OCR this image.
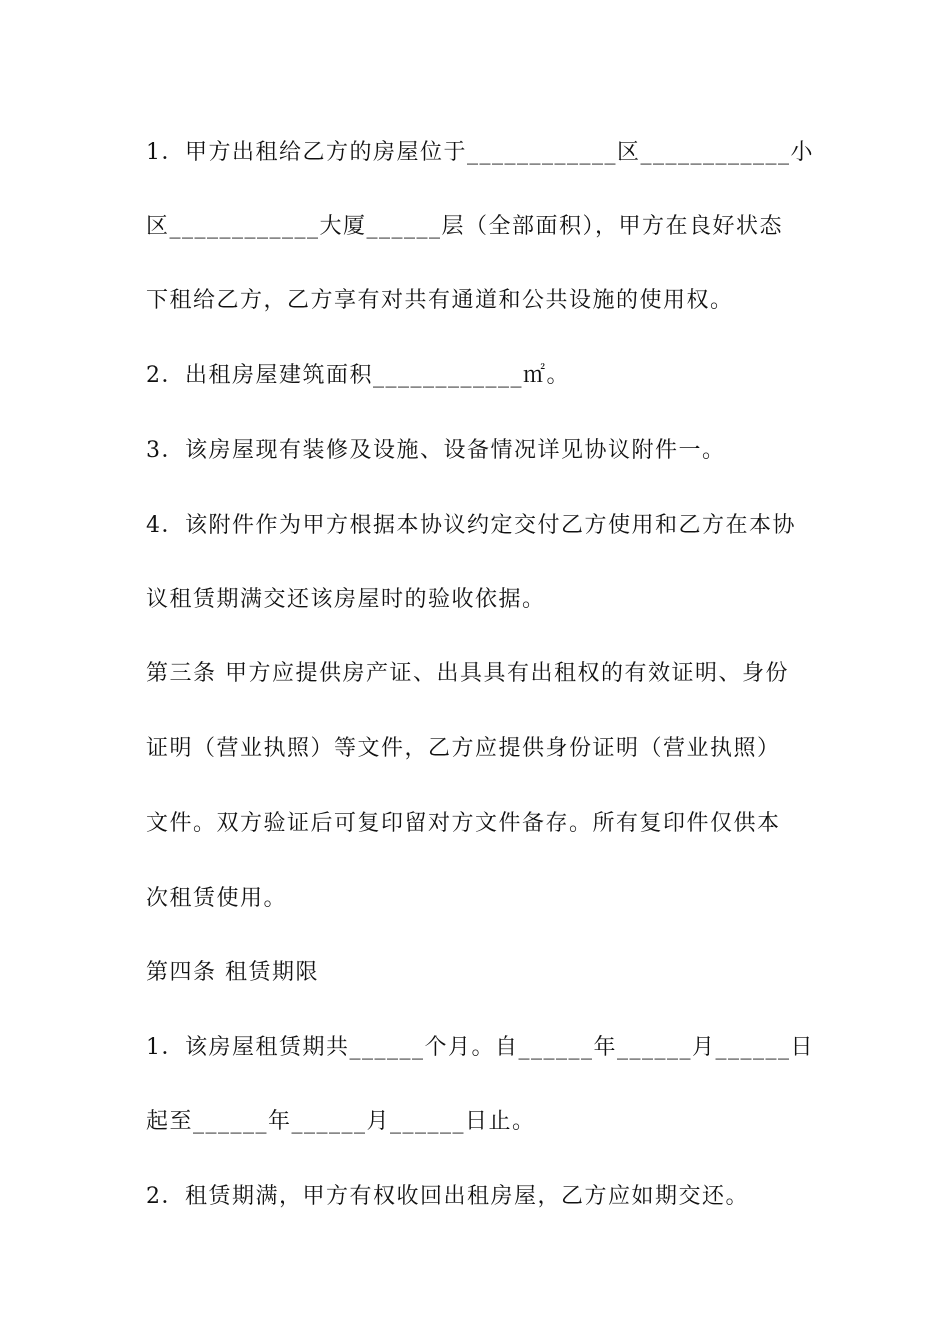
1．甲方出租给乙方的房屋位于____________区____________小
区____________大厦______层（全部面积），甲方在良好状态
下租给乙方，乙方享有对共有通道和公共设施的使用权。
2．出租房屋建筑面积____________㎡。
3．该房屋现有装修及设施、设备情况详见协议附件一。
4．该附件作为甲方根据本协议约定交付乙方使用和乙方在本协
议租赁期满交还该房屋时的验收依据。
第三条 甲方应提供房产证、出具具有出租权的有效证明、身份
证明（营业执照）等文件，乙方应提供身份证明（营业执照）
文件。双方验证后可复印留对方文件备存。所有复印件仅供本
次租赁使用。
第四条 租赁期限
1．该房屋租赁期共______个月。自______年______月______日
起至______年______月______日止。
2．租赁期满，甲方有权收回出租房屋，乙方应如期交还。
